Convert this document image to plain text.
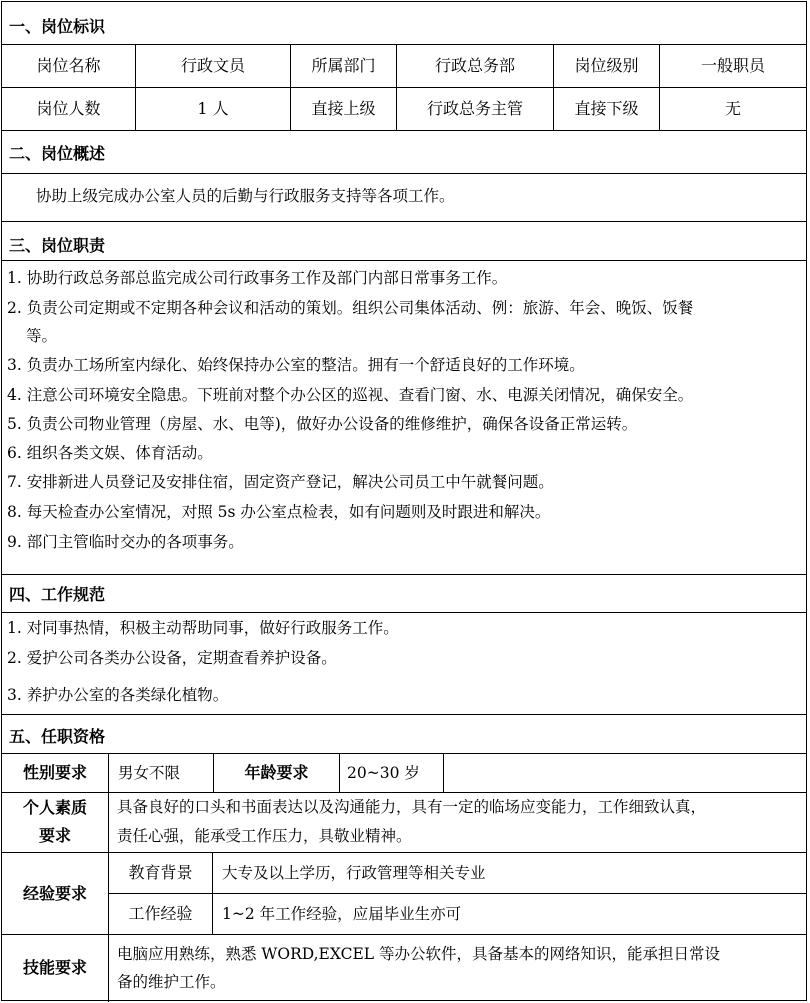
一、岗位标识
岗位名称	行政文员	所属部门	行政总务部	岗位级别	一般职员
岗位人数	1 人	直接上级	行政总务主管	直接下级	无
二、岗位概述
协助上级完成办公室人员的后勤与行政服务支持等各项工作。
三、岗位职责
1. 协助行政总务部总监完成公司行政事务工作及部门内部日常事务工作。
2. 负责公司定期或不定期各种会议和活动的策划。组织公司集体活动、例：旅游、年会、晚饭、饭餐
等。
3. 负责办工场所室内绿化、始终保持办公室的整洁。拥有一个舒适良好的工作环境。
4. 注意公司环境安全隐患。下班前对整个办公区的巡视、查看门窗、水、电源关闭情况，确保安全。
5. 负责公司物业管理（房屋、水、电等)，做好办公设备的维修维护，确保各设备正常运转。
6. 组织各类文娱、体育活动。
7. 安排新进人员登记及安排住宿，固定资产登记，解决公司员工中午就餐问题。
8. 每天检查办公室情况，对照 5s 办公室点检表，如有问题则及时跟进和解决。
9. 部门主管临时交办的各项事务。
四、工作规范
1. 对同事热情，积极主动帮助同事，做好行政服务工作。
2. 爱护公司各类办公设备，定期查看养护设备。
3. 养护办公室的各类绿化植物。
五、任职资格
性别要求	男女不限	年龄要求	20~30 岁
个人素质
要求
具备良好的口头和书面表达以及沟通能力，具有一定的临场应变能力，工作细致认真，
责任心强，能承受工作压力，具敬业精神。
经验要求
教育背景	大专及以上学历，行政管理等相关专业
工作经验	1~2 年工作经验，应届毕业生亦可
技能要求
电脑应用熟练，熟悉 WORD,EXCEL 等办公软件，具备基本的网络知识，能承担日常设
备的维护工作。
